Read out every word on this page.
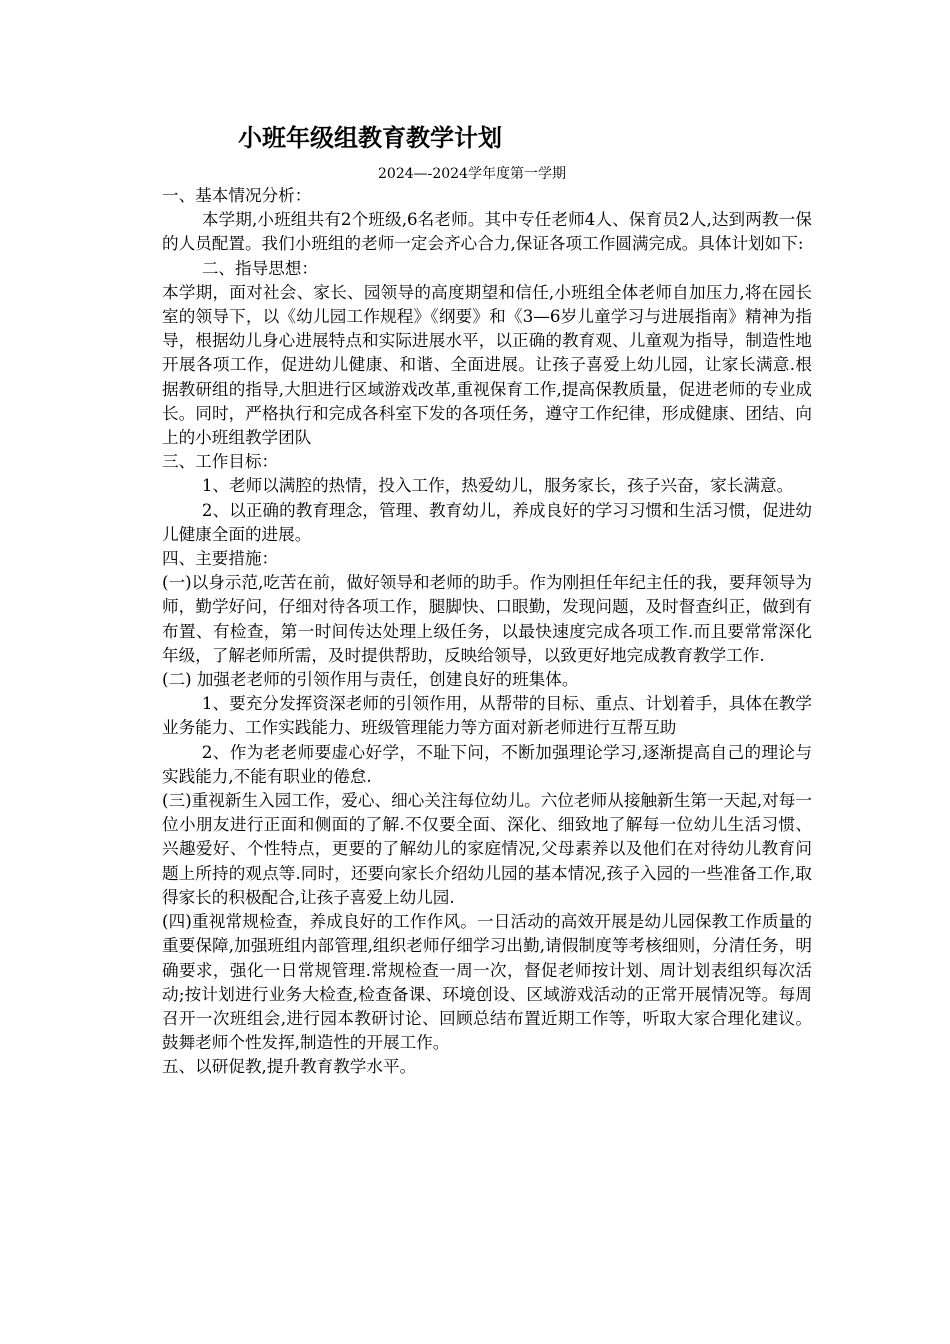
小班年级组教育教学计划
2024—-2024学年度第一学期

一、基本情况分析：

本学期,小班组共有2个班级,6名老师。其中专任老师4人、保育员2人,达到两教一保的人员配置。我们小班组的老师一定会齐心合力,保证各项工作圆满完成。具体计划如下:

二、指导思想：

本学期，面对社会、家长、园领导的高度期望和信任,小班组全体老师自加压力,将在园长室的领导下，以《幼儿园工作规程》《纲要》和《3—6岁儿童学习与进展指南》精神为指导，根据幼儿身心进展特点和实际进展水平，以正确的教育观、儿童观为指导，制造性地开展各项工作，促进幼儿健康、和谐、全面进展。让孩子喜爱上幼儿园，让家长满意.根据教研组的指导,大胆进行区域游戏改革,重视保育工作,提高保教质量，促进老师的专业成长。同时，严格执行和完成各科室下发的各项任务，遵守工作纪律，形成健康、团结、向上的小班组教学团队

三、工作目标：

1、老师以满腔的热情，投入工作，热爱幼儿，服务家长，孩子兴奋，家长满意。

2、以正确的教育理念，管理、教育幼儿，养成良好的学习习惯和生活习惯，促进幼儿健康全面的进展。

四、主要措施：

(一)以身示范,吃苦在前，做好领导和老师的助手。作为刚担任年纪主任的我，要拜领导为师，勤学好问，仔细对待各项工作，腿脚快、口眼勤，发现问题，及时督查纠正，做到有布置、有检查，第一时间传达处理上级任务，以最快速度完成各项工作.而且要常常深化年级，了解老师所需，及时提供帮助，反映给领导，以致更好地完成教育教学工作.

(二) 加强老老师的引领作用与责任，创建良好的班集体。

1、要充分发挥资深老师的引领作用，从帮带的目标、重点、计划着手，具体在教学业务能力、工作实践能力、班级管理能力等方面对新老师进行互帮互助

2、作为老老师要虚心好学，不耻下问，不断加强理论学习,逐渐提高自己的理论与实践能力,不能有职业的倦怠.

(三)重视新生入园工作，爱心、细心关注每位幼儿。六位老师从接触新生第一天起,对每一位小朋友进行正面和侧面的了解.不仅要全面、深化、细致地了解每一位幼儿生活习惯、兴趣爱好、个性特点，更要的了解幼儿的家庭情况,父母素养以及他们在对待幼儿教育问题上所持的观点等.同时，还要向家长介绍幼儿园的基本情况,孩子入园的一些准备工作,取得家长的积极配合,让孩子喜爱上幼儿园.

(四)重视常规检查，养成良好的工作作风。一日活动的高效开展是幼儿园保教工作质量的重要保障,加强班组内部管理,组织老师仔细学习出勤,请假制度等考核细则，分清任务，明确要求，强化一日常规管理.常规检查一周一次，督促老师按计划、周计划表组织每次活动;按计划进行业务大检查,检查备课、环境创设、区域游戏活动的正常开展情况等。每周召开一次班组会,进行园本教研讨论、回顾总结布置近期工作等，听取大家合理化建议。鼓舞老师个性发挥,制造性的开展工作。

五、以研促教,提升教育教学水平。
